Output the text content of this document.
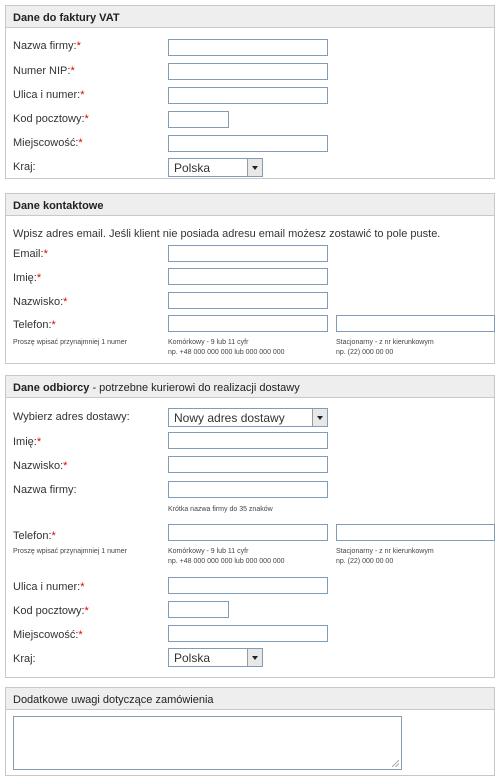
Dane do faktury VAT
Nazwa firmy:*
Numer NIP:*
Ulica i numer:*
Kod pocztowy:*
Miejscowość:*
Kraj:	Polska
Dane kontaktowe
Wpisz adres email. Jeśli klient nie posiada adresu email możesz zostawić to pole puste.
Email:*
Imię:*
Nazwisko:*
Telefon:*
Proszę wpisać przynajmniej 1 numer	Komórkowy - 9 lub 11 cyfr
np. +48 000 000 000 lub 000 000 000
Stacjonarny - z nr kierunkowym
np. (22) 000 00 00
Dane odbiorcy - potrzebne kurierowi do realizacji dostawy
Wybierz adres dostawy:	Nowy adres dostawy
Imię:*
Nazwisko:*
Nazwa firmy:
Krótka nazwa firmy do 35 znaków
Telefon:*
Proszę wpisać przynajmniej 1 numer	Komórkowy - 9 lub 11 cyfr
np. +48 000 000 000 lub 000 000 000
Stacjonarny - z nr kierunkowym
np. (22) 000 00 00
Ulica i numer:*
Kod pocztowy:*
Miejscowość:*
Kraj:	Polska
Dodatkowe uwagi dotyczące zamówienia
